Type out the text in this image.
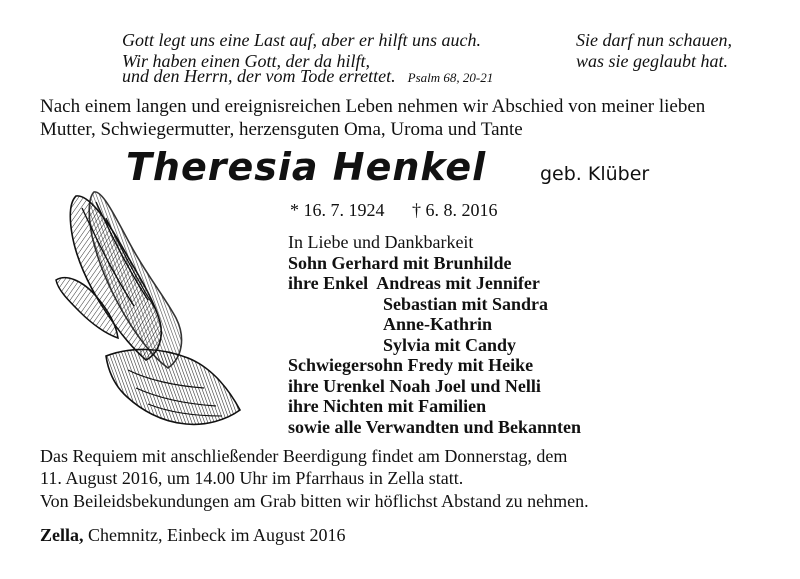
Gott legt uns eine Last auf, aber er hilft uns auch.
Wir haben einen Gott, der da hilft,
und den Herrn, der vom Tode errettet. Psalm 68, 20-21
Sie darf nun schauen,
was sie geglaubt hat.
Nach einem langen und ereignisreichen Leben nehmen wir Abschied von meiner lieben
Mutter, Schwiegermutter, herzensguten Oma, Uroma und Tante
Theresia Henkel	geb. Klüber
* 16. 7. 1924 † 6. 8. 2016
In Liebe und Dankbarkeit
Sohn Gerhard mit Brunhilde
ihre Enkel  Andreas mit Jennifer
Sebastian mit Sandra
Anne-Kathrin
Sylvia mit Candy
Schwiegersohn Fredy mit Heike
ihre Urenkel Noah Joel und Nelli
ihre Nichten mit Familien
sowie alle Verwandten und Bekannten
Das Requiem mit anschließender Beerdigung findet am Donnerstag, dem
11. August 2016, um 14.00 Uhr im Pfarrhaus in Zella statt.
Von Beileidsbekundungen am Grab bitten wir höflichst Abstand zu nehmen.
Zella, Chemnitz, Einbeck im August 2016
